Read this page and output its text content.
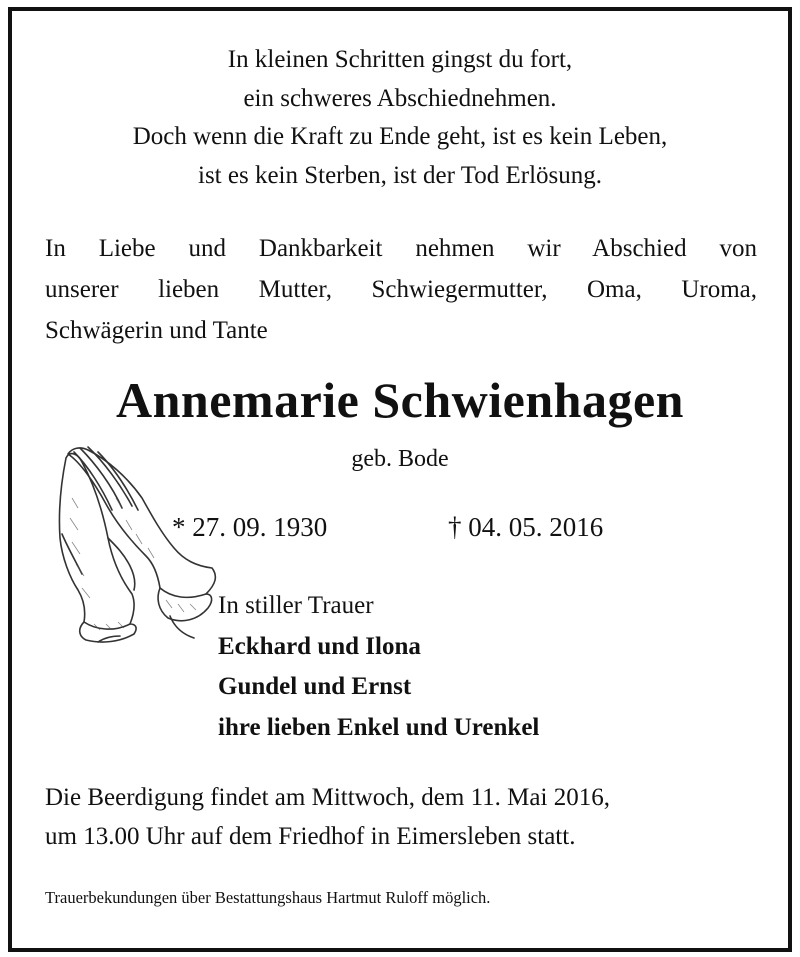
In kleinen Schritten gingst du fort,
ein schweres Abschiednehmen.
Doch wenn die Kraft zu Ende geht, ist es kein Leben,
ist es kein Sterben, ist der Tod Erlösung.
In Liebe und Dankbarkeit nehmen wir Abschied von
unserer lieben Mutter, Schwiegermutter, Oma, Uroma,
Schwägerin und Tante
Annemarie Schwienhagen
geb. Bode
* 27. 09. 1930	† 04. 05. 2016
In stiller Trauer
Eckhard und Ilona
Gundel und Ernst
ihre lieben Enkel und Urenkel
Die Beerdigung findet am Mittwoch, dem 11. Mai 2016,
um 13.00 Uhr auf dem Friedhof in Eimersleben statt.
Trauerbekundungen über Bestattungshaus Hartmut Ruloff möglich.
